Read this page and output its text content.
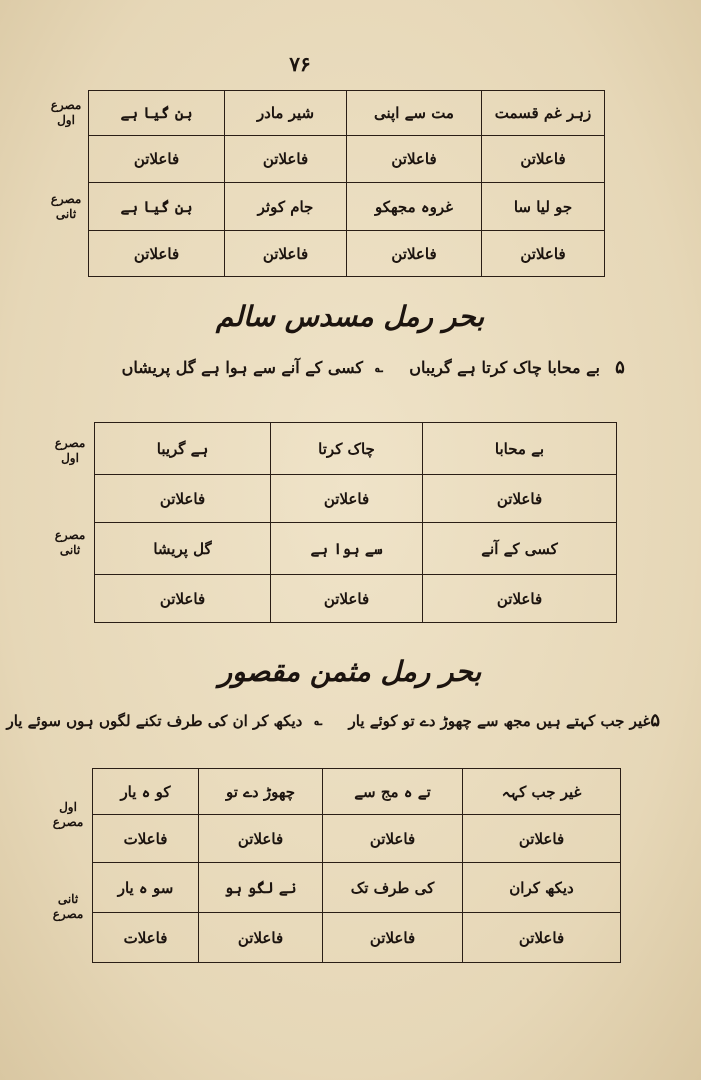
۷۶
زہر غم قسمت	مت سے اپنی	شیر مادر	بن گیا ہے
فاعلاتن	فاعلاتن	فاعلاتن	فاعلاتن
جو لیا سا	غروہ مجھکو	جام کوثر	بن گیا ہے
فاعلاتن	فاعلاتن	فاعلاتن	فاعلاتن
مصرع
اول
مصرع
ثانی
بحر رمل مسدس سالم
۵
بے محابا چاک کرتا ہے گریباں
؎
کسی کے آنے سے ہوا ہے گل پریشاں
بے محابا	چاک کرتا	ہے گریبا
فاعلاتن	فاعلاتن	فاعلاتن
کسی کے آنے	سے ہوا ہے	گل پریشا
فاعلاتن	فاعلاتن	فاعلاتن
مصرع
اول
مصرع
ثانی
بحر رمل مثمن مقصور
۵
غیر جب کہتے ہیں مجھ سے چھوڑ دے تو کوئے یار
؎
دیکھ کر ان کی طرف تکنے لگوں ہوں سوئے یار
غیر جب کہہ	تے ہ مج سے	چھوڑ دے تو	کو ہ یار
فاعلاتن	فاعلاتن	فاعلاتن	فاعلات
دیکھ کران	کی طرف تک	نے لگو ہو	سو ہ یار
فاعلاتن	فاعلاتن	فاعلاتن	فاعلات
اول
مصرع
ثانی
مصرع
